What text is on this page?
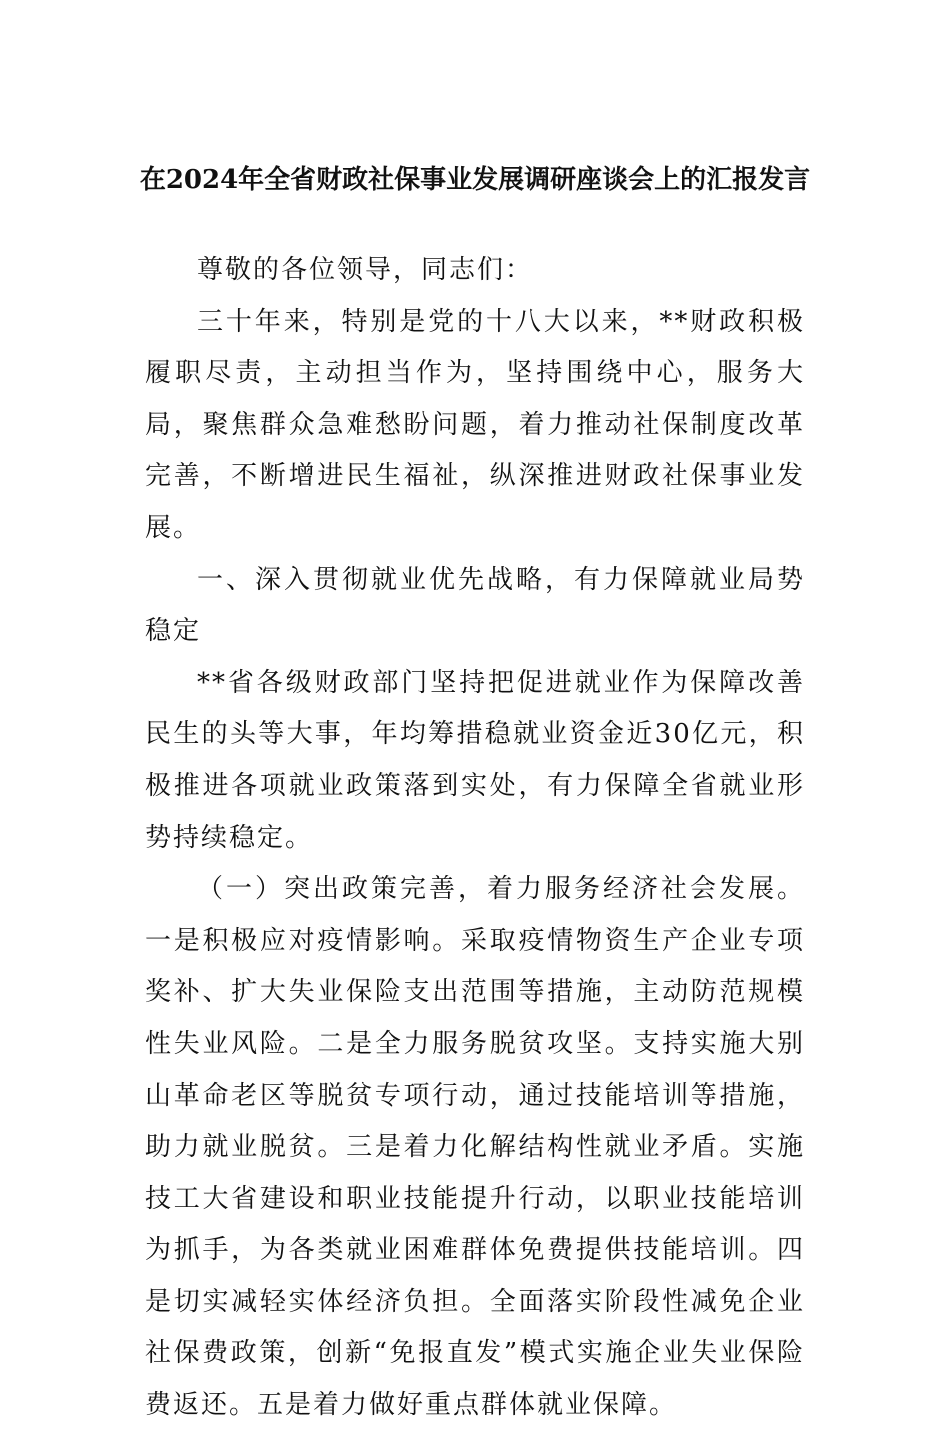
在2024年全省财政社保事业发展调研座谈会上的汇报发言

尊敬的各位领导，同志们：

三十年来，特别是党的十八大以来，**财政积极履职尽责，主动担当作为，坚持围绕中心，服务大局，聚焦群众急难愁盼问题，着力推动社保制度改革完善，不断增进民生福祉，纵深推进财政社保事业发展。

一、深入贯彻就业优先战略，有力保障就业局势稳定

**省各级财政部门坚持把促进就业作为保障改善民生的头等大事，年均筹措稳就业资金近30亿元，积极推进各项就业政策落到实处，有力保障全省就业形势持续稳定。

（一）突出政策完善，着力服务经济社会发展。一是积极应对疫情影响。采取疫情物资生产企业专项奖补、扩大失业保险支出范围等措施，主动防范规模性失业风险。二是全力服务脱贫攻坚。支持实施大别山革命老区等脱贫专项行动，通过技能培训等措施，助力就业脱贫。三是着力化解结构性就业矛盾。实施技工大省建设和职业技能提升行动，以职业技能培训为抓手，为各类就业困难群体免费提供技能培训。四是切实减轻实体经济负担。全面落实阶段性减免企业社保费政策，创新“免报直发”模式实施企业失业保险费返还。五是着力做好重点群体就业保障。
